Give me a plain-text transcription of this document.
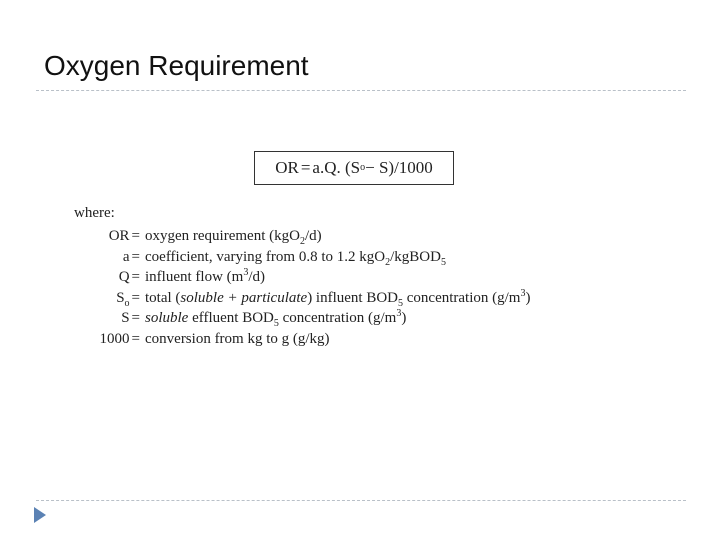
Oxygen Requirement
OR = a.Q. (S o − S)/1000
where:
OR =	oxygen requirement (kgO$_2$/d)
a =	coefficient, varying from 0.8 to 1.2 kgO$_2$/kgBOD$_5$
Q =	influent flow $(m^3/d)$
$S_o$ =	total (soluble + particulate) influent $BOD_5$ concentration $(g/m^3)$
S =	soluble effluent $BOD_5$ concentration $(g/m^3)$
1000 =	conversion from kg to g (g/kg)
